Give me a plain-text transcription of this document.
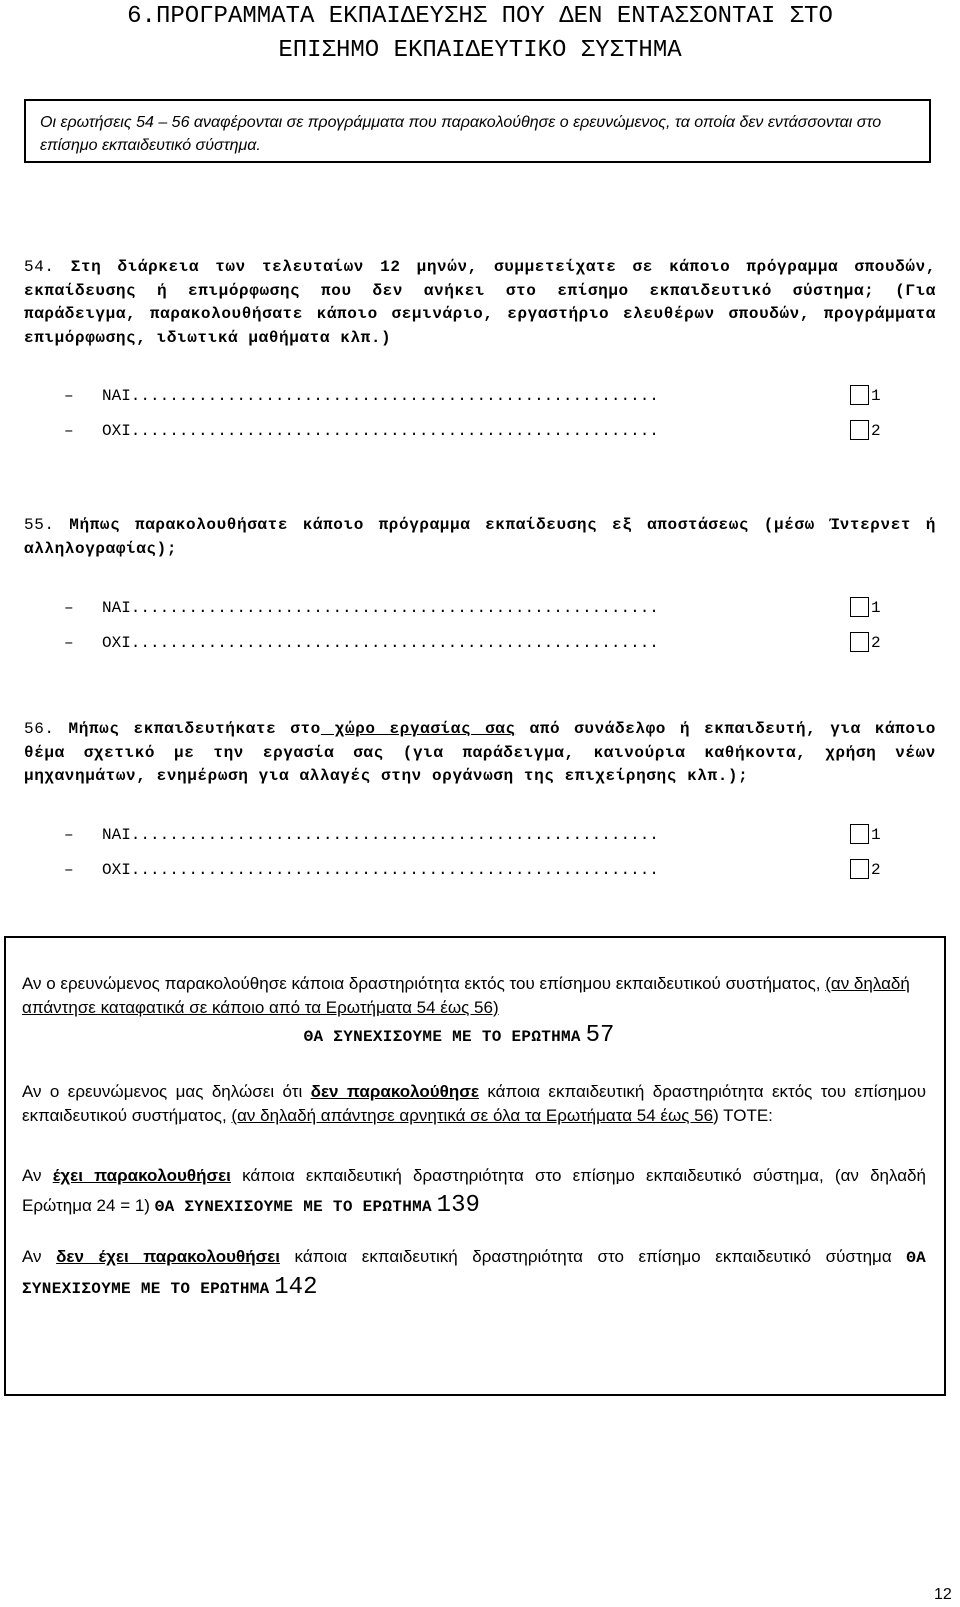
6.ΠΡΟΓΡΑΜΜΑΤΑ ΕΚΠΑΙΔΕΥΣΗΣ ΠΟΥ ΔΕΝ ΕΝΤΑΣΣΟΝΤΑΙ ΣΤΟ
ΕΠΙΣΗΜΟ ΕΚΠΑΙΔΕΥΤΙΚΟ ΣΥΣΤΗΜΑ
Οι ερωτήσεις 54 – 56 αναφέρονται σε προγράμματα που παρακολούθησε ο ερευνώμενος, τα οποία δεν εντάσσονται στο επίσημο εκπαιδευτικό σύστημα.
54. Στη διάρκεια των τελευταίων 12 μηνών, συμμετείχατε σε κάποιο πρόγραμμα σπουδών, εκπαίδευσης ή επιμόρφωσης που δεν ανήκει στο επίσημο εκπαιδευτικό σύστημα; (Για παράδειγμα, παρακολουθήσατε κάποιο σεμινάριο, εργαστήριο ελευθέρων σπουδών, προγράμματα επιμόρφωσης, ιδιωτικά μαθήματα κλπ.)
– ΝΑΙ.......................................................	1
– ΟΧΙ.......................................................	2
55. Μήπως παρακολουθήσατε κάποιο πρόγραμμα εκπαίδευσης εξ αποστάσεως (μέσω Ίντερνετ ή αλληλογραφίας);
– ΝΑΙ.......................................................	1
– ΟΧΙ.......................................................	2
56. Μήπως εκπαιδευτήκατε στο χώρο εργασίας σας από συνάδελφο ή εκπαιδευτή, για κάποιο θέμα σχετικό με την εργασία σας (για παράδειγμα, καινούρια καθήκοντα, χρήση νέων μηχανημάτων, ενημέρωση για αλλαγές στην οργάνωση της επιχείρησης κλπ.);
– ΝΑΙ.......................................................	1
– ΟΧΙ.......................................................	2
Αν ο ερευνώμενος παρακολούθησε κάποια δραστηριότητα εκτός του επίσημου εκπαιδευτικού συστήματος, (αν δηλαδή απάντησε καταφατικά σε κάποιο από τα Ερωτήματα 54 έως 56)
ΘΑ ΣΥΝΕΧΙΣΟΥΜΕ ΜΕ ΤΟ ΕΡΩΤΗΜΑ 57
Αν ο ερευνώμενος μας δηλώσει ότι δεν παρακολούθησε κάποια εκπαιδευτική δραστηριότητα εκτός του επίσημου εκπαιδευτικού συστήματος, (αν δηλαδή απάντησε αρνητικά σε όλα τα Ερωτήματα 54 έως 56) ΤΟΤΕ:
Αν έχει παρακολουθήσει κάποια εκπαιδευτική δραστηριότητα στο επίσημο εκπαιδευτικό σύστημα, (αν δηλαδή Ερώτημα 24 = 1) ΘΑ ΣΥΝΕΧΙΣΟΥΜΕ ΜΕ ΤΟ ΕΡΩΤΗΜΑ 139
Αν δεν έχει παρακολουθήσει κάποια εκπαιδευτική δραστηριότητα στο επίσημο εκπαιδευτικό σύστημα ΘΑ ΣΥΝΕΧΙΣΟΥΜΕ ΜΕ ΤΟ ΕΡΩΤΗΜΑ 142
12
